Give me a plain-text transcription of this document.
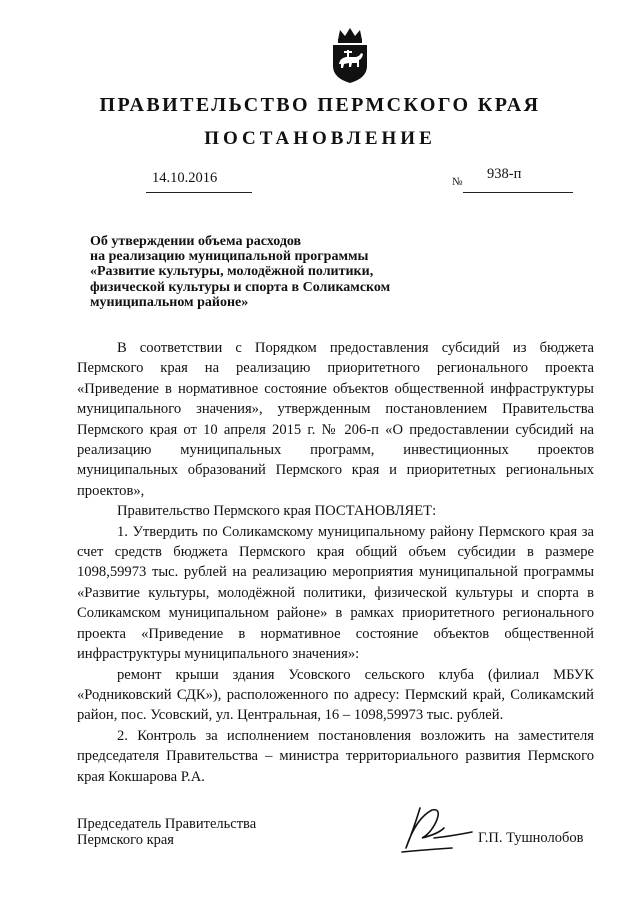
ПРАВИТЕЛЬСТВО ПЕРМСКОГО КРАЯ
ПОСТАНОВЛЕНИЕ
14.10.2016	№ 938-п
Об утверждении объема расходов
на реализацию муниципальной программы
«Развитие культуры, молодёжной политики,
физической культуры и спорта в Соликамском
муниципальном районе»

В соответствии с Порядком предоставления субсидий из бюджета Пермского края на реализацию приоритетного регионального проекта «Приведение в нормативное состояние объектов общественной инфраструктуры муниципального значения», утвержденным постановлением Правительства Пермского края от 10 апреля 2015 г. № 206-п «О предоставлении субсидий на реализацию муниципальных программ, инвестиционных проектов муниципальных образований Пермского края и приоритетных региональных проектов»,

Правительство Пермского края ПОСТАНОВЛЯЕТ:

1. Утвердить по Соликамскому муниципальному району Пермского края за счет средств бюджета Пермского края общий объем субсидии в размере 1098,59973 тыс. рублей на реализацию мероприятия муниципальной программы «Развитие культуры, молодёжной политики, физической культуры и спорта в Соликамском муниципальном районе» в рамках приоритетного регионального проекта «Приведение в нормативное состояние объектов общественной инфраструктуры муниципального значения»:

ремонт крыши здания Усовского сельского клуба (филиал МБУК «Родниковский СДК»), расположенного по адресу: Пермский край, Соликамский район, пос. Усовский, ул. Центральная, 16 – 1098,59973 тыс. рублей.

2. Контроль за исполнением постановления возложить на заместителя председателя Правительства – министра территориального развития Пермского края Кокшарова Р.А.

Председатель Правительства
Пермского края	Г.П. Тушнолобов
